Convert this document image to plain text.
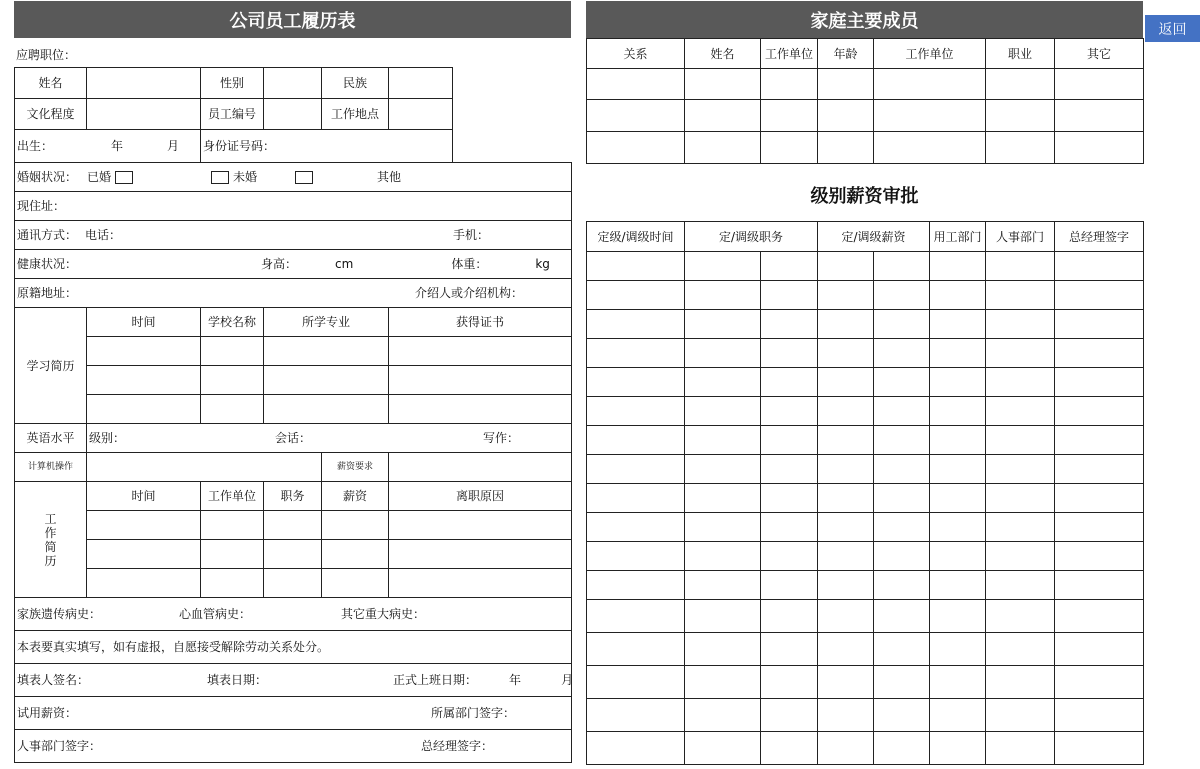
公司员工履历表
应聘职位：
姓名		性别		民族		
文化程度		员工编号		工作地点		
出生： 年 月		身份证号码：				
婚姻状况： 已婚 未婚 其他						
现住址：						
通讯方式： 电话： 手机：						
健康状况： 身高： cm 体重： kg						
原籍地址： 介绍人或介绍机构：						
学习简历	时间	学校名称	所学专业		获得证书	

英语水平	级别： 会话： 写作：					
计算机操作				薪资要求		
工
作
简
历	时间	工作单位	职务	薪资	离职原因	

家族遗传病史： 心血管病史： 其它重大病史：						
本表要真实填写，如有虚报，自愿接受解除劳动关系处分。						
填表人签名： 填表日期： 正式上班日期： 年 月						
试用薪资： 所属部门签字：						
人事部门签字： 总经理签字：						
家庭主要成员
关系	姓名	工作单位	年龄	工作单位	职业	其它

级别薪资审批
定级/调级时间	定/调级职务		定/调级薪资		用工部门	人事部门	总经理签字

返回
